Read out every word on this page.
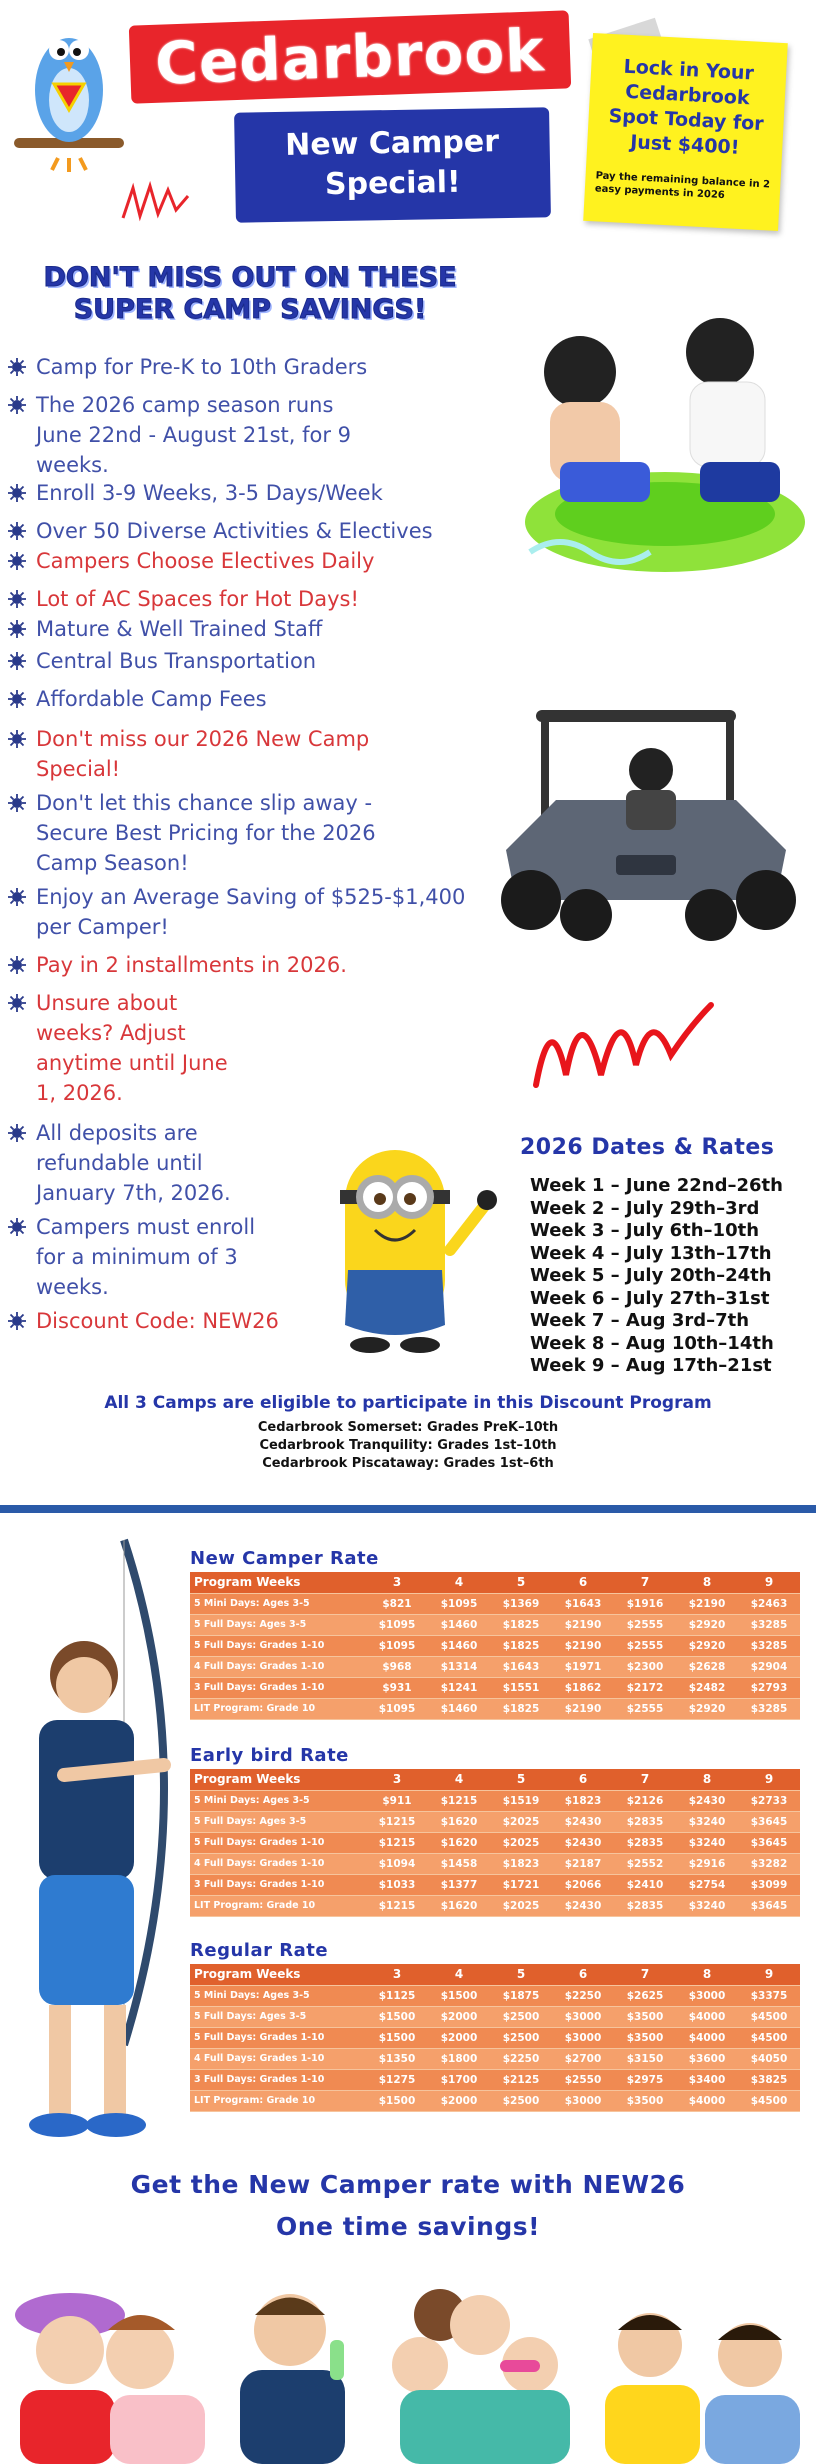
Cedarbrook
New Camper Special!
Lock in Your Cedarbrook Spot Today for Just $400!
Pay the remaining balance in 2 easy payments in 2026
DON'T MISS OUT ON THESE
SUPER CAMP SAVINGS!
Camp for Pre-K to 10th Graders
The 2026 camp season runs June 22nd - August 21st, for 9 weeks.
Enroll 3-9 Weeks, 3-5 Days/Week
Over 50 Diverse Activities & Electives
Campers Choose Electives Daily
Lot of AC Spaces for Hot Days!
Mature & Well Trained Staff
Central Bus Transportation
Affordable Camp Fees
Don't miss our 2026 New Camp Special!
Don't let this chance slip away - Secure Best Pricing for the 2026 Camp Season!
Enjoy an Average Saving of $525-$1,400 per Camper!
Pay in 2 installments in 2026.
Unsure about weeks? Adjust anytime until June 1, 2026.
All deposits are refundable until January 7th, 2026.
Campers must enroll for a minimum of 3 weeks.
Discount Code: NEW26
2026 Dates & Rates
Week 1 – June 22nd–26th
Week 2 – July 29th–3rd
Week 3 – July 6th–10th
Week 4 – July 13th–17th
Week 5 – July 20th–24th
Week 6 – July 27th–31st
Week 7 – Aug 3rd–7th
Week 8 – Aug 10th–14th
Week 9 – Aug 17th–21st
All 3 Camps are eligible to participate in this Discount Program
Cedarbrook Somerset: Grades PreK–10th
Cedarbrook Tranquility: Grades 1st–10th
Cedarbrook Piscataway: Grades 1st–6th
New Camper Rate
Program Weeks	3	4	5	6	7	8	9
5 Mini Days: Ages 3-5	$821	$1095	$1369	$1643	$1916	$2190	$2463
5 Full Days: Ages 3-5	$1095	$1460	$1825	$2190	$2555	$2920	$3285
5 Full Days: Grades 1-10	$1095	$1460	$1825	$2190	$2555	$2920	$3285
4 Full Days: Grades 1-10	$968	$1314	$1643	$1971	$2300	$2628	$2904
3 Full Days: Grades 1-10	$931	$1241	$1551	$1862	$2172	$2482	$2793
LIT Program: Grade 10	$1095	$1460	$1825	$2190	$2555	$2920	$3285
Early bird Rate
Program Weeks	3	4	5	6	7	8	9
5 Mini Days: Ages 3-5	$911	$1215	$1519	$1823	$2126	$2430	$2733
5 Full Days: Ages 3-5	$1215	$1620	$2025	$2430	$2835	$3240	$3645
5 Full Days: Grades 1-10	$1215	$1620	$2025	$2430	$2835	$3240	$3645
4 Full Days: Grades 1-10	$1094	$1458	$1823	$2187	$2552	$2916	$3282
3 Full Days: Grades 1-10	$1033	$1377	$1721	$2066	$2410	$2754	$3099
LIT Program: Grade 10	$1215	$1620	$2025	$2430	$2835	$3240	$3645
Regular Rate
Program Weeks	3	4	5	6	7	8	9
5 Mini Days: Ages 3-5	$1125	$1500	$1875	$2250	$2625	$3000	$3375
5 Full Days: Ages 3-5	$1500	$2000	$2500	$3000	$3500	$4000	$4500
5 Full Days: Grades 1-10	$1500	$2000	$2500	$3000	$3500	$4000	$4500
4 Full Days: Grades 1-10	$1350	$1800	$2250	$2700	$3150	$3600	$4050
3 Full Days: Grades 1-10	$1275	$1700	$2125	$2550	$2975	$3400	$3825
LIT Program: Grade 10	$1500	$2000	$2500	$3000	$3500	$4000	$4500
Get the New Camper rate with NEW26
One time savings!
